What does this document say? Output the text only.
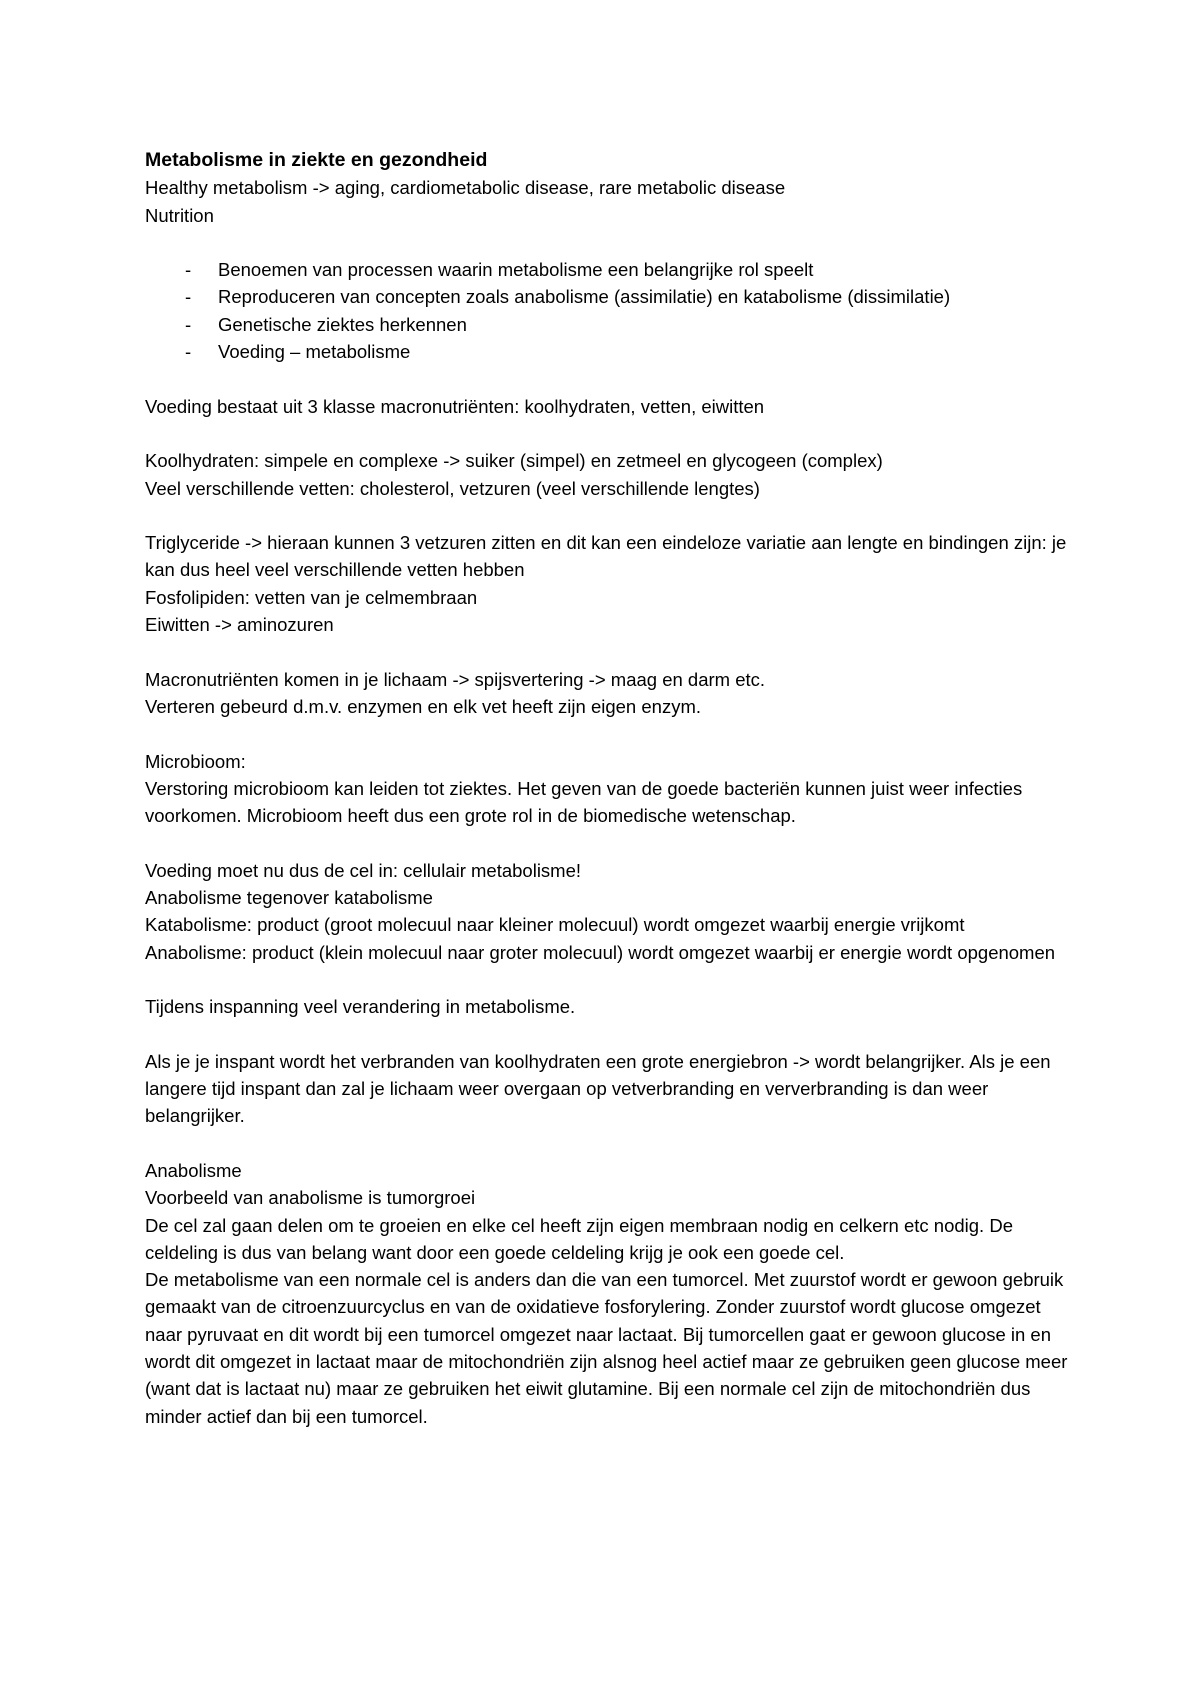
Metabolisme in ziekte en gezondheid

Healthy metabolism -> aging, cardiometabolic disease, rare metabolic disease

Nutrition

- Benoemen van processen waarin metabolisme een belangrijke rol speelt
- Reproduceren van concepten zoals anabolisme (assimilatie) en katabolisme (dissimilatie)
- Genetische ziektes herkennen
- Voeding – metabolisme

Voeding bestaat uit 3 klasse macronutriënten: koolhydraten, vetten, eiwitten

Koolhydraten: simpele en complexe -> suiker (simpel) en zetmeel en glycogeen (complex)

Veel verschillende vetten: cholesterol, vetzuren (veel verschillende lengtes)

Triglyceride -> hieraan kunnen 3 vetzuren zitten en dit kan een eindeloze variatie aan lengte en bindingen zijn: je kan dus heel veel verschillende vetten hebben

Fosfolipiden: vetten van je celmembraan

Eiwitten -> aminozuren

Macronutriënten komen in je lichaam -> spijsvertering -> maag en darm etc.

Verteren gebeurd d.m.v. enzymen en elk vet heeft zijn eigen enzym.

Microbioom:

Verstoring microbioom kan leiden tot ziektes. Het geven van de goede bacteriën kunnen juist weer infecties voorkomen. Microbioom heeft dus een grote rol in de biomedische wetenschap.

Voeding moet nu dus de cel in: cellulair metabolisme!

Anabolisme tegenover katabolisme

Katabolisme: product (groot molecuul naar kleiner molecuul) wordt omgezet waarbij energie vrijkomt

Anabolisme: product (klein molecuul naar groter molecuul) wordt omgezet waarbij er energie wordt opgenomen

Tijdens inspanning veel verandering in metabolisme.

Als je je inspant wordt het verbranden van koolhydraten een grote energiebron -> wordt belangrijker. Als je een langere tijd inspant dan zal je lichaam weer overgaan op vetverbranding en ververbranding is dan weer belangrijker.

Anabolisme

Voorbeeld van anabolisme is tumorgroei

De cel zal gaan delen om te groeien en elke cel heeft zijn eigen membraan nodig en celkern etc nodig. De celdeling is dus van belang want door een goede celdeling krijg je ook een goede cel.

De metabolisme van een normale cel is anders dan die van een tumorcel. Met zuurstof wordt er gewoon gebruik gemaakt van de citroenzuurcyclus en van de oxidatieve fosforylering. Zonder zuurstof wordt glucose omgezet naar pyruvaat en dit wordt bij een tumorcel omgezet naar lactaat. Bij tumorcellen gaat er gewoon glucose in en wordt dit omgezet in lactaat maar de mitochondriën zijn alsnog heel actief maar ze gebruiken geen glucose meer (want dat is lactaat nu) maar ze gebruiken het eiwit glutamine. Bij een normale cel zijn de mitochondriën dus minder actief dan bij een tumorcel.
